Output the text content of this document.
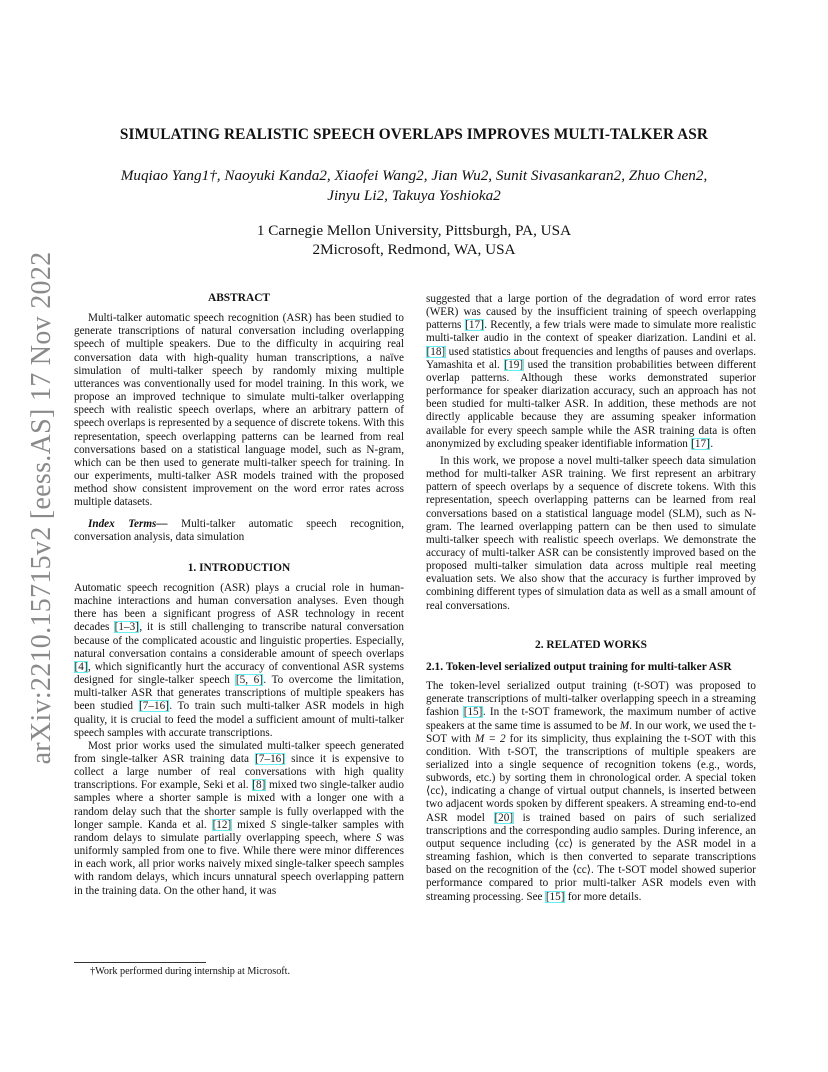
arXiv:2210.15715v2 [eess.AS] 17 Nov 2022
SIMULATING REALISTIC SPEECH OVERLAPS IMPROVES MULTI-TALKER ASR
Muqiao Yang1†, Naoyuki Kanda2, Xiaofei Wang2, Jian Wu2, Sunit Sivasankaran2, Zhuo Chen2,
Jinyu Li2, Takuya Yoshioka2
1 Carnegie Mellon University, Pittsburgh, PA, USA
2Microsoft, Redmond, WA, USA
ABSTRACT

Multi-talker automatic speech recognition (ASR) has been studied to generate transcriptions of natural conversation including overlapping speech of multiple speakers. Due to the difficulty in acquiring real conversation data with high-quality human transcriptions, a naïve simulation of multi-talker speech by randomly mixing multiple utterances was conventionally used for model training. In this work, we propose an improved technique to simulate multi-talker overlapping speech with realistic speech overlaps, where an arbitrary pattern of speech overlaps is represented by a sequence of discrete tokens. With this representation, speech overlapping patterns can be learned from real conversations based on a statistical language model, such as N-gram, which can be then used to generate multi-talker speech for training. In our experiments, multi-talker ASR models trained with the proposed method show consistent improvement on the word error rates across multiple datasets.

Index Terms— Multi-talker automatic speech recognition, conversation analysis, data simulation

1. INTRODUCTION

Automatic speech recognition (ASR) plays a crucial role in human-machine interactions and human conversation analyses. Even though there has been a significant progress of ASR technology in recent decades [1–3], it is still challenging to transcribe natural conversation because of the complicated acoustic and linguistic properties. Especially, natural conversation contains a considerable amount of speech overlaps [4], which significantly hurt the accuracy of conventional ASR systems designed for single-talker speech [5, 6]. To overcome the limitation, multi-talker ASR that generates transcriptions of multiple speakers has been studied [7–16]. To train such multi-talker ASR models in high quality, it is crucial to feed the model a sufficient amount of multi-talker speech samples with accurate transcriptions.

Most prior works used the simulated multi-talker speech generated from single-talker ASR training data [7–16] since it is expensive to collect a large number of real conversations with high quality transcriptions. For example, Seki et al. [8] mixed two single-talker audio samples where a shorter sample is mixed with a longer one with a random delay such that the shorter sample is fully overlapped with the longer sample. Kanda et al. [12] mixed S single-talker samples with random delays to simulate partially overlapping speech, where S was uniformly sampled from one to five. While there were minor differences in each work, all prior works naively mixed single-talker speech samples with random delays, which incurs unnatural speech overlapping pattern in the training data. On the other hand, it was

suggested that a large portion of the degradation of word error rates (WER) was caused by the insufficient training of speech overlapping patterns [17]. Recently, a few trials were made to simulate more realistic multi-talker audio in the context of speaker diarization. Landini et al. [18] used statistics about frequencies and lengths of pauses and overlaps. Yamashita et al. [19] used the transition probabilities between different overlap patterns. Although these works demonstrated superior performance for speaker diarization accuracy, such an approach has not been studied for multi-talker ASR. In addition, these methods are not directly applicable because they are assuming speaker information available for every speech sample while the ASR training data is often anonymized by excluding speaker identifiable information [17].

In this work, we propose a novel multi-talker speech data simulation method for multi-talker ASR training. We first represent an arbitrary pattern of speech overlaps by a sequence of discrete tokens. With this representation, speech overlapping patterns can be learned from real conversations based on a statistical language model (SLM), such as N-gram. The learned overlapping pattern can be then used to simulate multi-talker speech with realistic speech overlaps. We demonstrate the accuracy of multi-talker ASR can be consistently improved based on the proposed multi-talker simulation data across multiple real meeting evaluation sets. We also show that the accuracy is further improved by combining different types of simulation data as well as a small amount of real conversations.

2. RELATED WORKS
2.1. Token-level serialized output training for multi-talker ASR

The token-level serialized output training (t-SOT) was proposed to generate transcriptions of multi-talker overlapping speech in a streaming fashion [15]. In the t-SOT framework, the maximum number of active speakers at the same time is assumed to be M. In our work, we used the t-SOT with M = 2 for its simplicity, thus explaining the t-SOT with this condition. With t-SOT, the transcriptions of multiple speakers are serialized into a single sequence of recognition tokens (e.g., words, subwords, etc.) by sorting them in chronological order. A special token ⟨cc⟩, indicating a change of virtual output channels, is inserted between two adjacent words spoken by different speakers. A streaming end-to-end ASR model [20] is trained based on pairs of such serialized transcriptions and the corresponding audio samples. During inference, an output sequence including ⟨cc⟩ is generated by the ASR model in a streaming fashion, which is then converted to separate transcriptions based on the recognition of the ⟨cc⟩. The t-SOT model showed superior performance compared to prior multi-talker ASR models even with streaming processing. See [15] for more details.

†Work performed during internship at Microsoft.
